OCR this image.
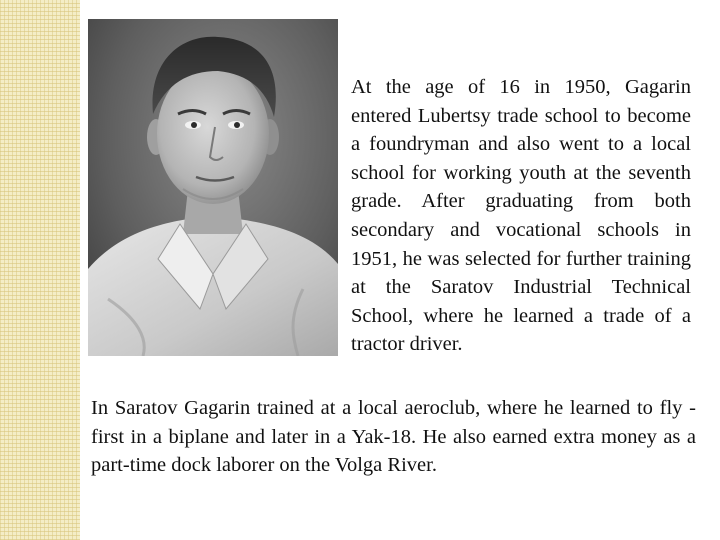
At the age of 16 in 1950, Gagarin entered Lubertsy trade school to become a foundryman and also went to a local school for working youth at the seventh grade. After graduating from both secondary and vocational schools in 1951, he was selected for further training at the Saratov Industrial Technical School, where he learned a trade of a tractor driver.

In Saratov Gagarin trained at a local aeroclub, where he learned to fly - first in a biplane and later in a Yak-18. He also earned extra money as a part-time dock laborer on the Volga River.
